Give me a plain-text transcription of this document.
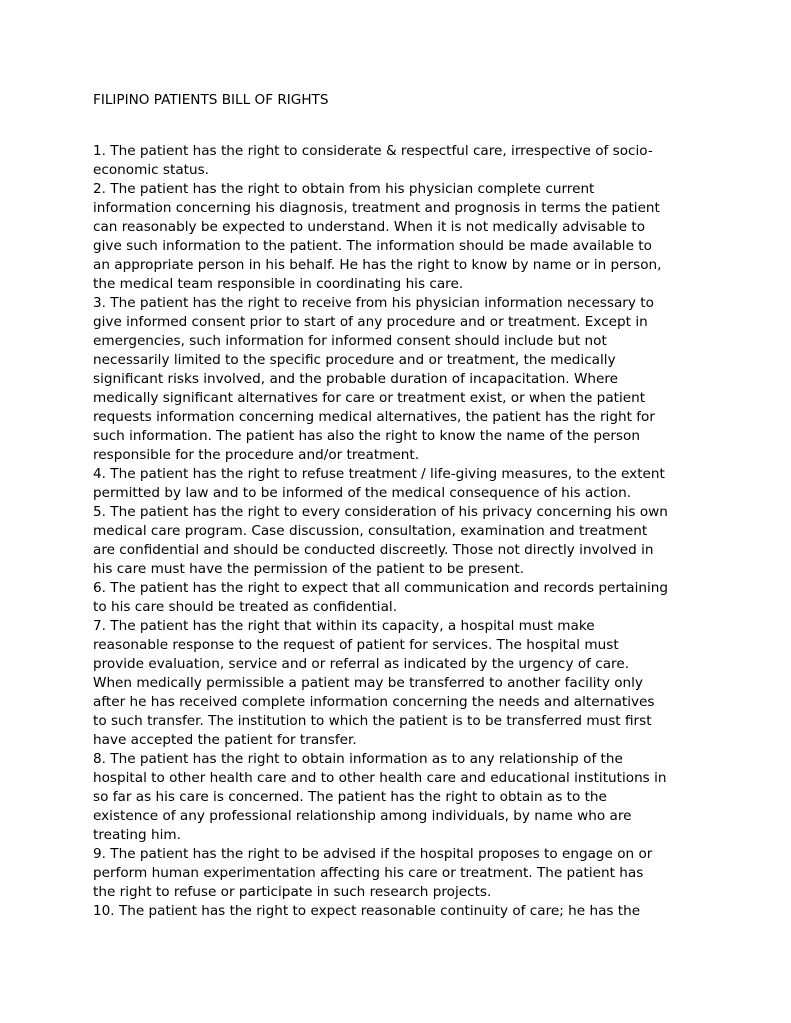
FILIPINO PATIENTS BILL OF RIGHTS
1. The patient has the right to considerate & respectful care, irrespective of socio-
economic status.
2. The patient has the right to obtain from his physician complete current
information concerning his diagnosis, treatment and prognosis in terms the patient
can reasonably be expected to understand. When it is not medically advisable to
give such information to the patient. The information should be made available to
an appropriate person in his behalf. He has the right to know by name or in person,
the medical team responsible in coordinating his care.
3. The patient has the right to receive from his physician information necessary to
give informed consent prior to start of any procedure and or treatment. Except in
emergencies, such information for informed consent should include but not
necessarily limited to the specific procedure and or treatment, the medically
significant risks involved, and the probable duration of incapacitation. Where
medically significant alternatives for care or treatment exist, or when the patient
requests information concerning medical alternatives, the patient has the right for
such information. The patient has also the right to know the name of the person
responsible for the procedure and/or treatment.
4. The patient has the right to refuse treatment / life-giving measures, to the extent
permitted by law and to be informed of the medical consequence of his action.
5. The patient has the right to every consideration of his privacy concerning his own
medical care program. Case discussion, consultation, examination and treatment
are confidential and should be conducted discreetly. Those not directly involved in
his care must have the permission of the patient to be present.
6. The patient has the right to expect that all communication and records pertaining
to his care should be treated as confidential.
7. The patient has the right that within its capacity, a hospital must make
reasonable response to the request of patient for services. The hospital must
provide evaluation, service and or referral as indicated by the urgency of care.
When medically permissible a patient may be transferred to another facility only
after he has received complete information concerning the needs and alternatives
to such transfer. The institution to which the patient is to be transferred must first
have accepted the patient for transfer.
8. The patient has the right to obtain information as to any relationship of the
hospital to other health care and to other health care and educational institutions in
so far as his care is concerned. The patient has the right to obtain as to the
existence of any professional relationship among individuals, by name who are
treating him.
9. The patient has the right to be advised if the hospital proposes to engage on or
perform human experimentation affecting his care or treatment. The patient has
the right to refuse or participate in such research projects.
10. The patient has the right to expect reasonable continuity of care; he has the
